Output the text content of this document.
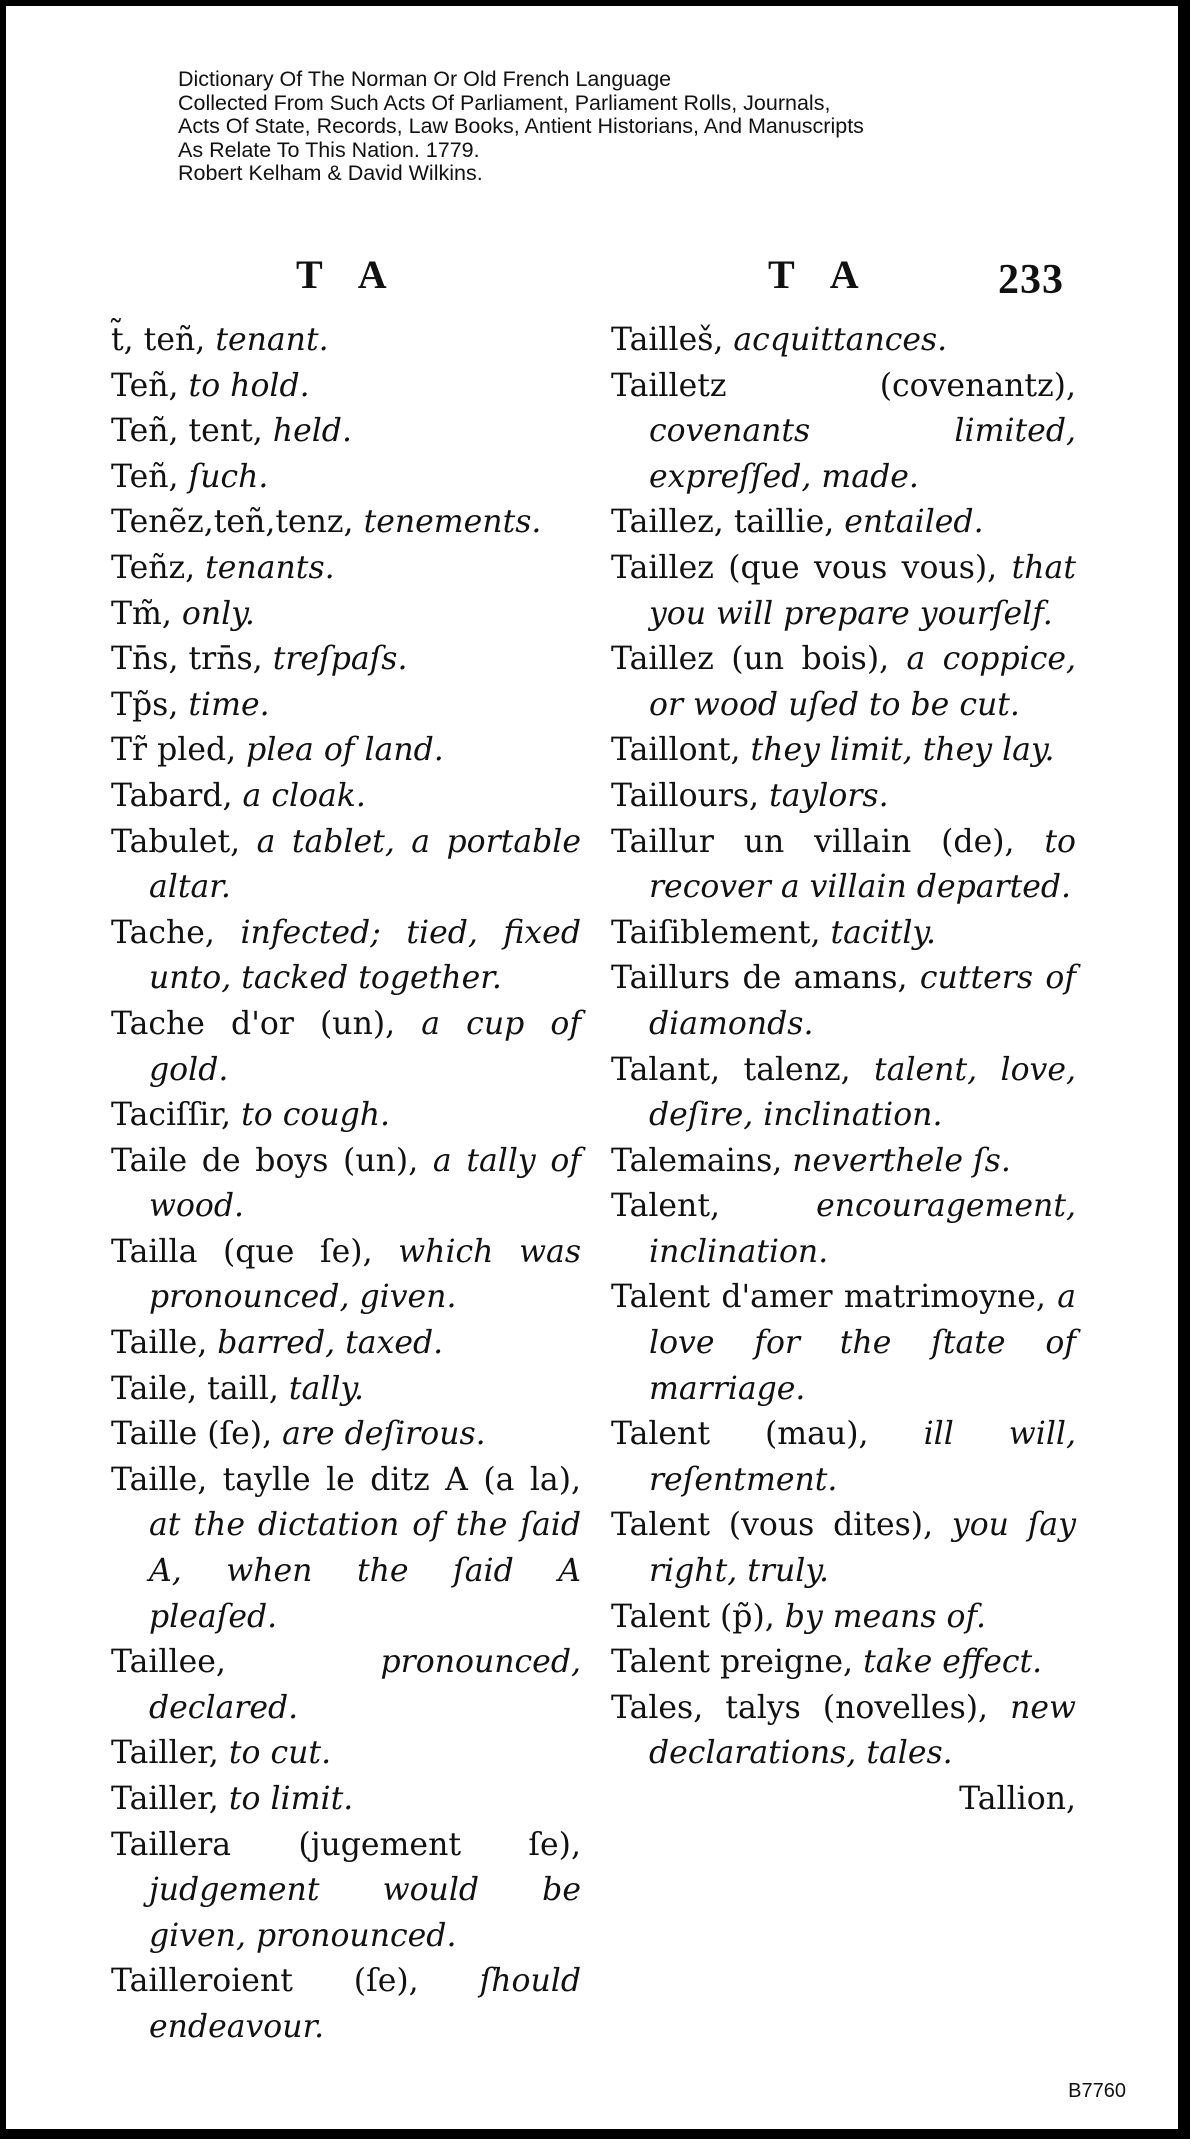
Dictionary Of The Norman Or Old French Language
Collected From Such Acts Of Parliament, Parliament Rolls, Journals,
Acts Of State, Records, Law Books, Antient Historians, And Manuscripts
As Relate To This Nation. 1779.
Robert Kelham & David Wilkins.
T A	T A	233
t̃, teñ, tenant.
Teñ, to hold.
Teñ, tent, held.
Teñ, ſuch.
Tenẽz,teñ,tenz, tenements.
Teñz, tenants.
Tm̃, only.
Tn̄s, trn̄s, treſpaſs.
Tp̃s, time.
Tr̃ pled, plea of land.
Tabard, a cloak.
Tabulet, a tablet, a portable altar.
Tache, infected; tied, fixed unto, tacked together.
Tache d'or (un), a cup of gold.
Taciſſir, to cough.
Taile de boys (un), a tally of wood.
Tailla (que ſe), which was pronounced, given.
Taille, barred, taxed.
Taile, taill, tally.
Taille (ſe), are deſirous.
Taille, taylle le ditz A (a la), at the dictation of the ſaid A, when the ſaid A pleaſed.
Taillee, pronounced, declared.
Tailler, to cut.
Tailler, to limit.
Taillera (jugement ſe), judgement would be given, pronounced.
Tailleroient (ſe), ſhould endeavour.
Tailleš, acquittances.
Tailletz (covenantz), covenants limited, expreſſed, made.
Taillez, taillie, entailed.
Taillez (que vous vous), that you will prepare yourſelf.
Taillez (un bois), a coppice, or wood uſed to be cut.
Taillont, they limit, they lay.
Taillours, taylors.
Taillur un villain (de), to recover a villain departed.
Taiſiblement, tacitly.
Taillurs de amans, cutters of diamonds.
Talant, talenz, talent, love, deſire, inclination.
Talemains, neverthele ſs.
Talent, encouragement, inclination.
Talent d'amer matrimoyne, a love for the ſtate of marriage.
Talent (mau), ill will, reſentment.
Talent (vous dites), you ſay right, truly.
Talent (p̃), by means of.
Talent preigne, take effect.
Tales, talys (novelles), new declarations, tales.
Tallion,
B7760
